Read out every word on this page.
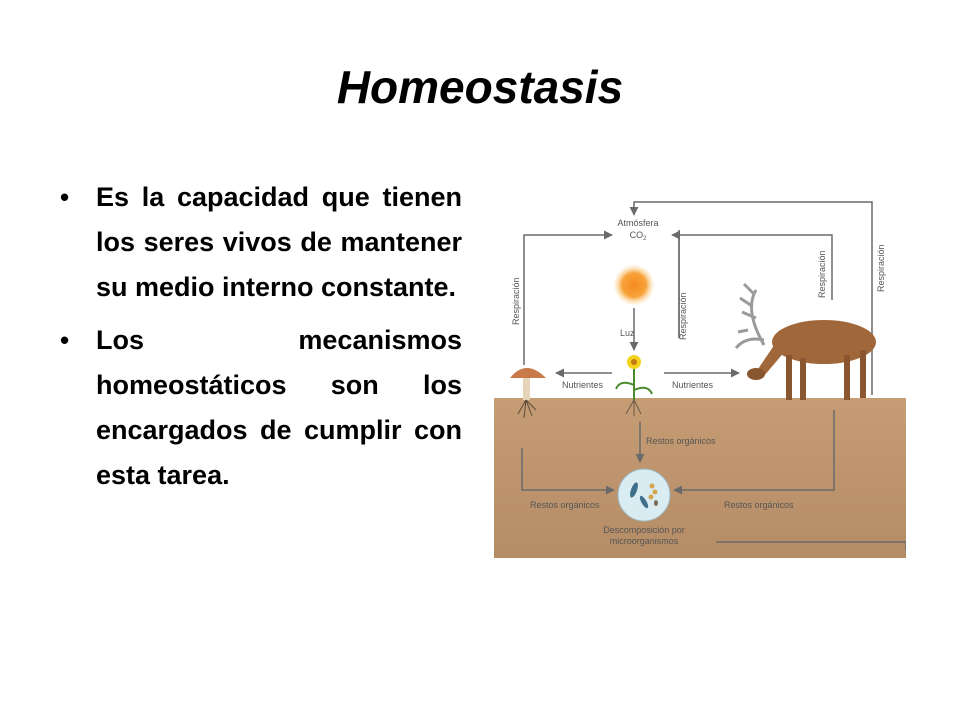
Homeostasis
• Es la capacidad que tienen los seres vivos de mantener su medio interno constante.
• Los mecanismos homeostáticos son los encargados de cumplir con esta tarea.
Atmósfera
$CO_2$
Luz
Nutrientes	Nutrientes
Restos orgánicos
Restos orgánicos	Restos orgánicos
Descomposición por
microorganismos
Respiración	Respiración
Respiración	Respiración
